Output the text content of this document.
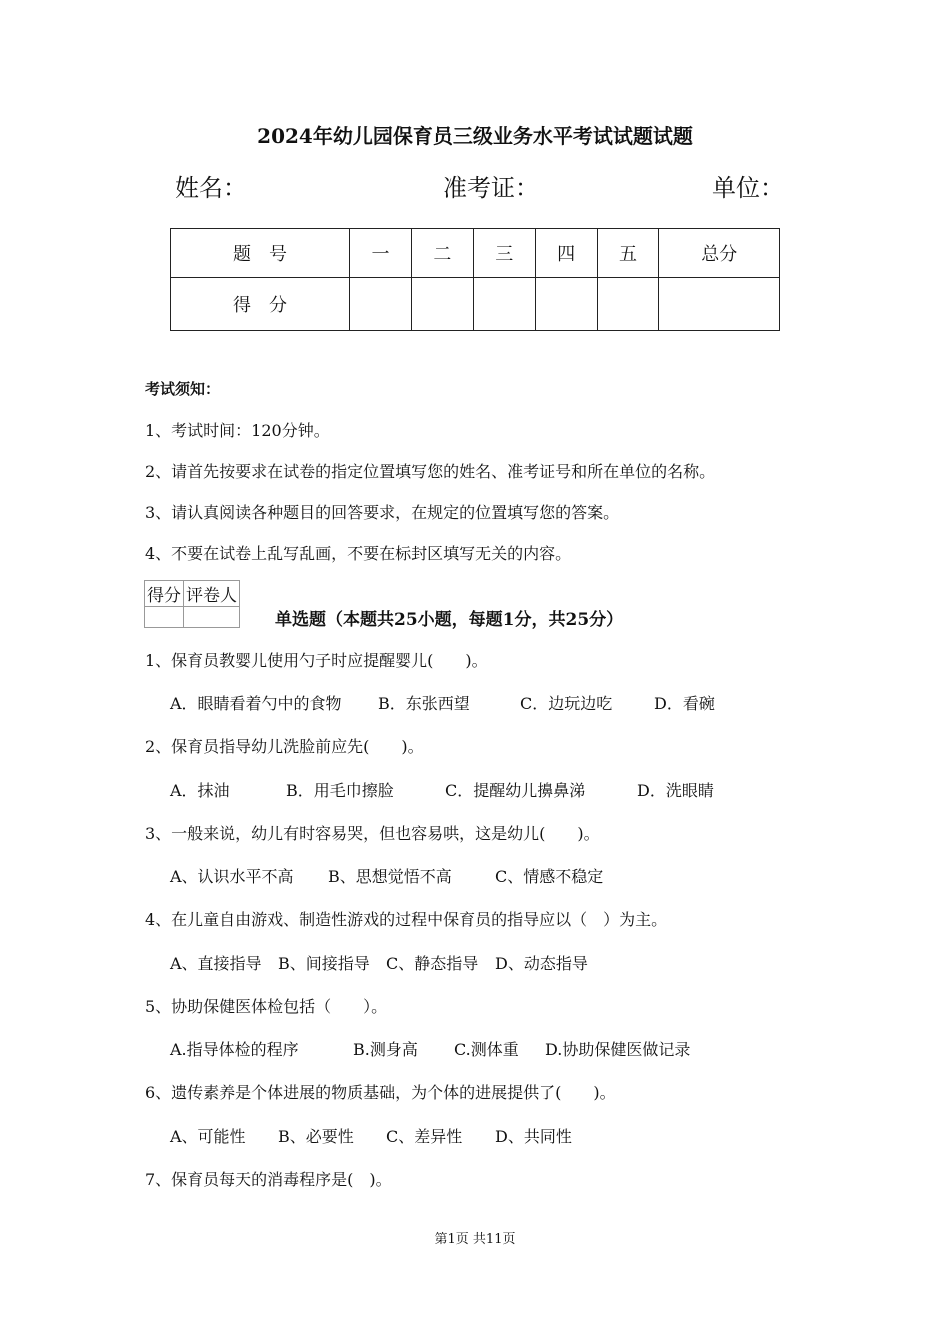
2024年幼儿园保育员三级业务水平考试试题试题
姓名：	准考证：	单位：
题　号	一	二	三	四	五	总分
得　分						
考试须知：
1、考试时间：120分钟。
2、请首先按要求在试卷的指定位置填写您的姓名、准考证号和所在单位的名称。
3、请认真阅读各种题目的回答要求，在规定的位置填写您的答案。
4、不要在试卷上乱写乱画，不要在标封区填写无关的内容。
得分	评卷人

单选题（本题共25小题，每题1分，共25分）
1、保育员教婴儿使用勺子时应提醒婴儿(　　)。
A．眼睛看着勺中的食物 B．东张西望	C．边玩边吃	D．看碗
2、保育员指导幼儿洗脸前应先(　　)。
A．抹油	B．用毛巾擦脸	C．提醒幼儿擤鼻涕	D．洗眼睛
3、一般来说，幼儿有时容易哭，但也容易哄，这是幼儿(　　)。
A、认识水平不高 B、思想觉悟不高	C、情感不稳定
4、在儿童自由游戏、制造性游戏的过程中保育员的指导应以（　）为主。
A、直接指导 B、间接指导 C、静态指导 D、动态指导
5、协助保健医体检包括（　　）。
A.指导体检的程序	B.测身高 C.测体重 D.协助保健医做记录
6、遗传素养是个体进展的物质基础，为个体的进展提供了(　　)。
A、可能性 B、必要性 C、差异性 D、共同性
7、保育员每天的消毒程序是(　)。
第1页 共11页
